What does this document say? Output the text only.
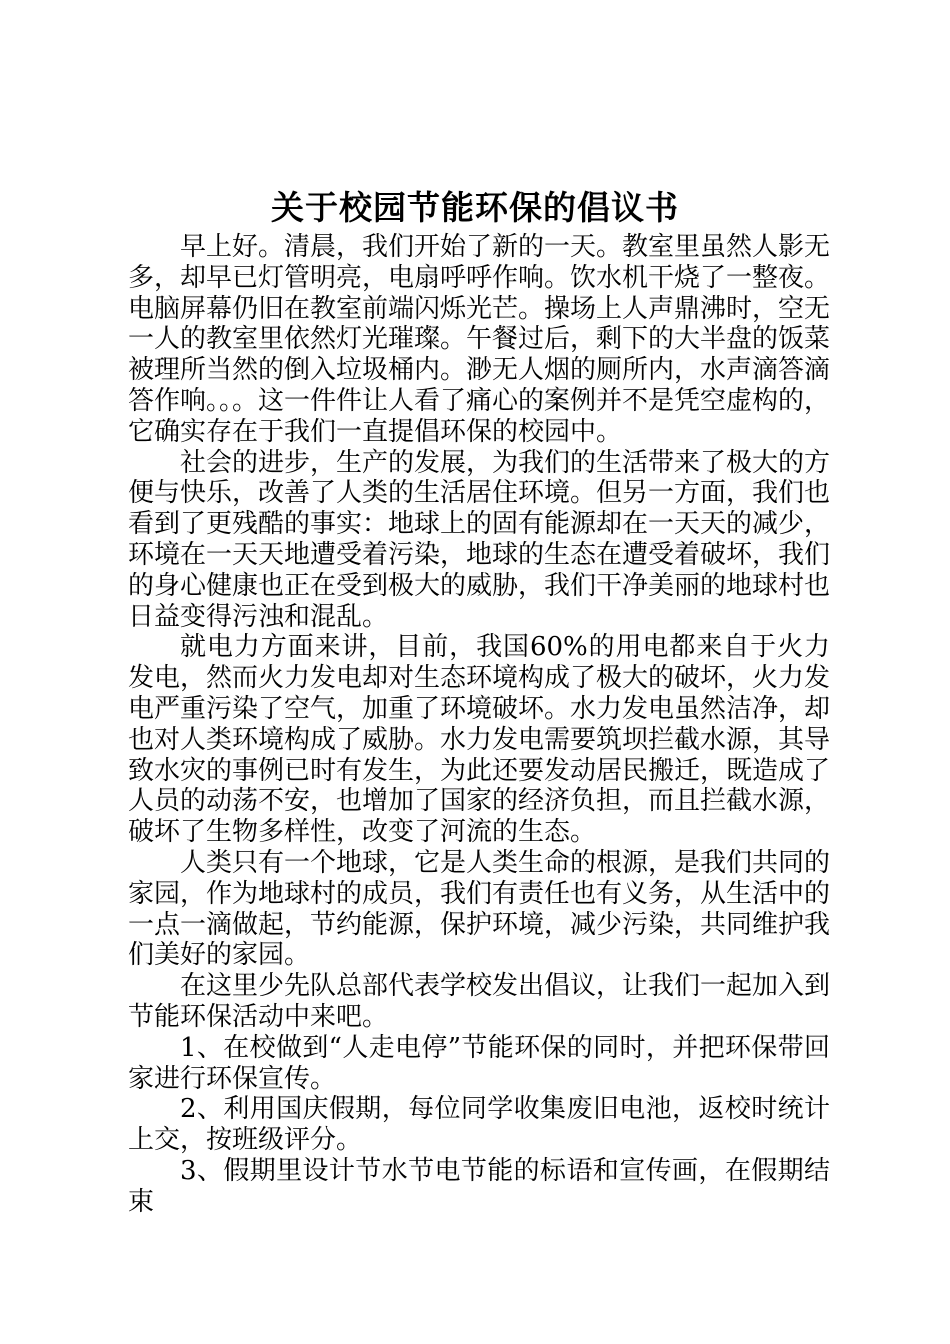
关于校园节能环保的倡议书

早上好。清晨，我们开始了新的一天。教室里虽然人影无多，却早已灯管明亮，电扇呼呼作响。饮水机干烧了一整夜。电脑屏幕仍旧在教室前端闪烁光芒。操场上人声鼎沸时，空无一人的教室里依然灯光璀璨。午餐过后，剩下的大半盘的饭菜被理所当然的倒入垃圾桶内。渺无人烟的厕所内，水声滴答滴答作响。。。这一件件让人看了痛心的案例并不是凭空虚构的，它确实存在于我们一直提倡环保的校园中。

社会的进步，生产的发展，为我们的生活带来了极大的方便与快乐，改善了人类的生活居住环境。但另一方面，我们也看到了更残酷的事实：地球上的固有能源却在一天天的减少，环境在一天天地遭受着污染，地球的生态在遭受着破坏，我们的身心健康也正在受到极大的威胁，我们干净美丽的地球村也日益变得污浊和混乱。

就电力方面来讲，目前，我国60%的用电都来自于火力发电，然而火力发电却对生态环境构成了极大的破坏，火力发电严重污染了空气，加重了环境破坏。水力发电虽然洁净，却也对人类环境构成了威胁。水力发电需要筑坝拦截水源，其导致水灾的事例已时有发生，为此还要发动居民搬迁，既造成了人员的动荡不安，也增加了国家的经济负担，而且拦截水源，破坏了生物多样性，改变了河流的生态。

人类只有一个地球，它是人类生命的根源，是我们共同的家园，作为地球村的成员，我们有责任也有义务，从生活中的一点一滴做起，节约能源，保护环境，减少污染，共同维护我们美好的家园。

在这里少先队总部代表学校发出倡议，让我们一起加入到节能环保活动中来吧。

1、在校做到“人走电停”节能环保的同时，并把环保带回家进行环保宣传。

2、利用国庆假期，每位同学收集废旧电池，返校时统计上交，按班级评分。

3、假期里设计节水节电节能的标语和宣传画，在假期结束
